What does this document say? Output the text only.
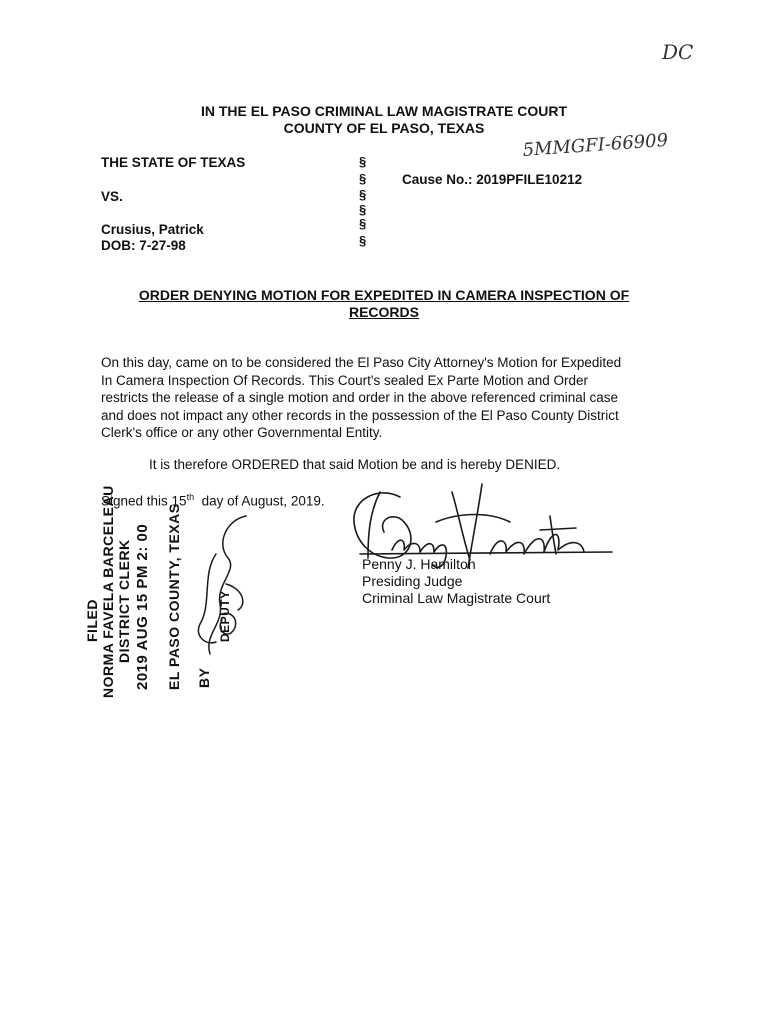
DC
IN THE EL PASO CRIMINAL LAW MAGISTRATE COURT
COUNTY OF EL PASO, TEXAS
THE STATE OF TEXAS
VS.
Crusius, Patrick
DOB: 7-27-98
§
§
§
§
§
§
5MMGFI-66909
Cause No.: 2019PFILE10212
ORDER DENYING MOTION FOR EXPEDITED IN CAMERA INSPECTION OF
RECORDS
On this day, came on to be considered the El Paso City Attorney's Motion for Expedited
In Camera Inspection Of Records. This Court's sealed Ex Parte Motion and Order
restricts the release of a single motion and order in the above referenced criminal case
and does not impact any other records in the possession of the El Paso County District
Clerk's office or any other Governmental Entity.
It is therefore ORDERED that said Motion be and is hereby DENIED.
Signed this 15th  day of August, 2019.
Penny J. Hamilton
Presiding Judge
Criminal Law Magistrate Court
FILED NORMA FAVELA BARCELEAU DISTRICT CLERK 2019 AUG 15 PM 2: 00 EL PASO COUNTY, TEXAS BY
DEPUTY
